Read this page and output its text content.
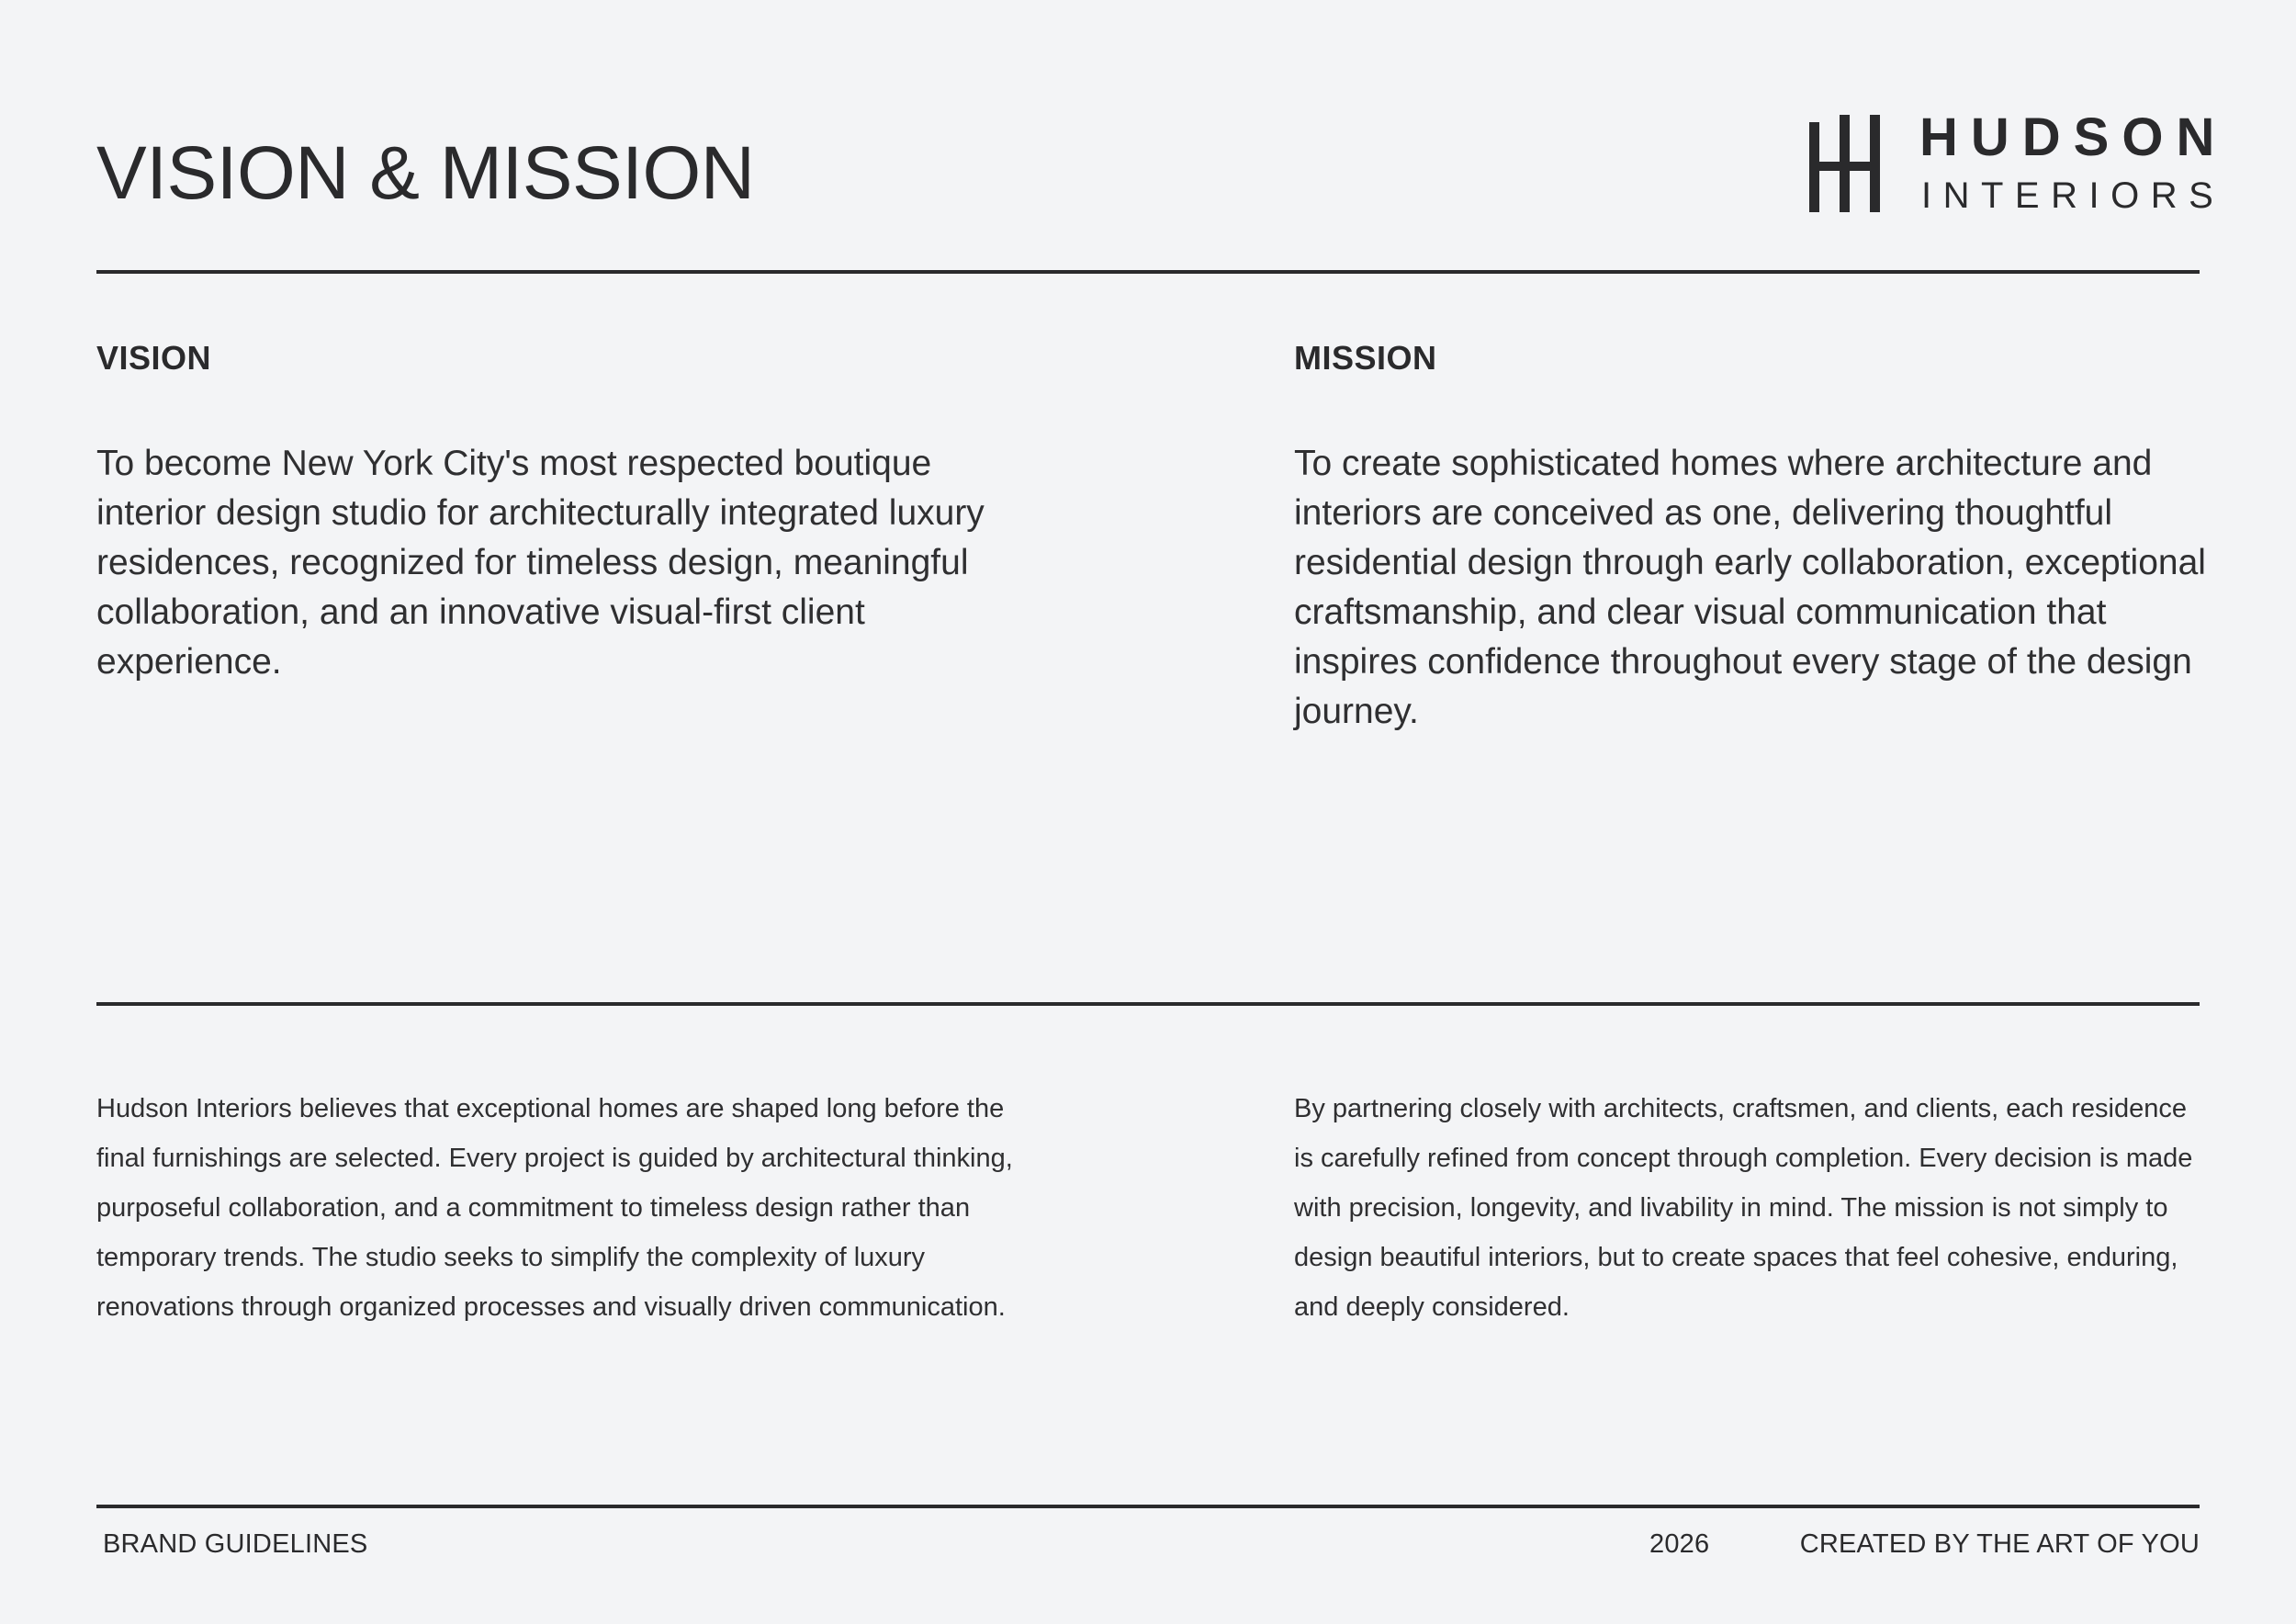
VISION & MISSION	HUDSON
INTERIORS
VISION	MISSION

To become New York City's most respected boutique interior design studio for architecturally integrated luxury residences, recognized for timeless design, meaningful collaboration, and an innovative visual-first client experience.

To create sophisticated homes where architecture and interiors are conceived as one, delivering thoughtful residential design through early collaboration, exceptional craftsmanship, and clear visual communication that inspires confidence throughout every stage of the design journey.

Hudson Interiors believes that exceptional homes are shaped long before the final furnishings are selected. Every project is guided by architectural thinking, purposeful collaboration, and a commitment to timeless design rather than temporary trends. The studio seeks to simplify the complexity of luxury renovations through organized processes and visually driven communication.

By partnering closely with architects, craftsmen, and clients, each residence is carefully refined from concept through completion. Every decision is made with precision, longevity, and livability in mind. The mission is not simply to design beautiful interiors, but to create spaces that feel cohesive, enduring, and deeply considered.

BRAND GUIDELINES	2026	CREATED BY THE ART OF YOU
